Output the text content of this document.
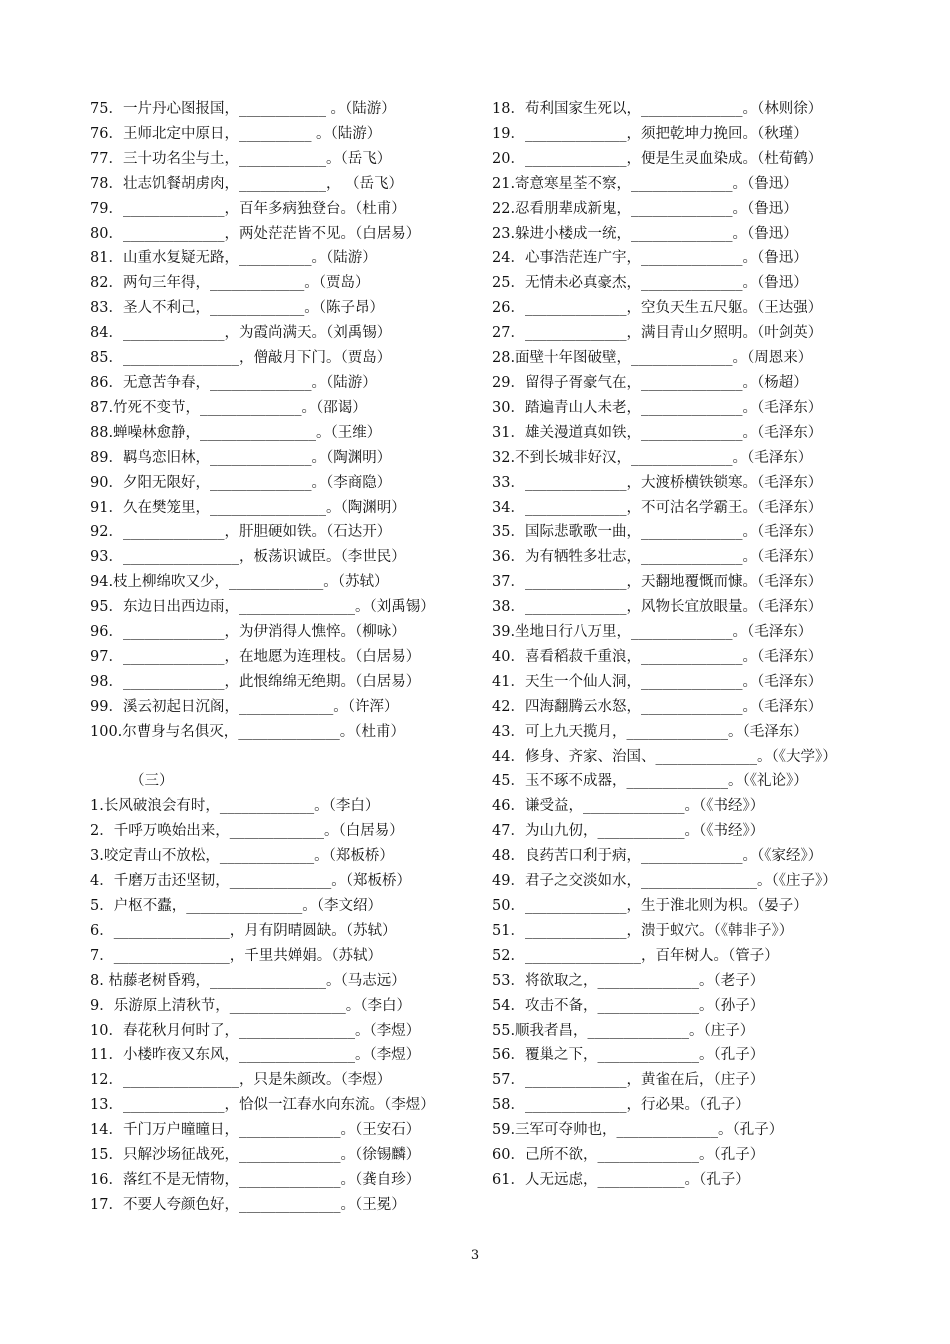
75．一片丹心图报国，____________ 。（陆游）
76．王师北定中原日，__________ 。（陆游）
77．三十功名尘与土，____________。（岳飞）
78．壮志饥餐胡虏肉，____________， （岳飞）
79．______________，百年多病独登台。（杜甫）
80．______________，两处茫茫皆不见。（白居易）
81．山重水复疑无路，__________。（陆游）
82．两句三年得，_____________。（贾岛）
83．圣人不利己，_____________。（陈子昂）
84．______________，为霞尚满天。（刘禹锡）
85．________________，僧敲月下门。（贾岛）
86．无意苦争春，______________。（陆游）
87.竹死不变节，______________。（邵谒）
88.蝉噪林愈静，________________。（王维）
89．羁鸟恋旧林，______________。（陶渊明）
90．夕阳无限好，______________。（李商隐）
91．久在樊笼里，________________。（陶渊明）
92．______________，肝胆硬如铁。（石达开）
93．________________，板荡识诚臣。（李世民）
94.枝上柳绵吹又少，_____________。（苏轼）
95．东边日出西边雨，________________。（刘禹锡）
96．______________，为伊消得人憔悴。（柳咏）
97．______________，在地愿为连理枝。（白居易）
98．______________，此恨绵绵无绝期。（白居易）
99．溪云初起日沉阁，_____________。（许浑）
100.尔曹身与名俱灭，______________。（杜甫）
（三）
1.长风破浪会有时，_____________。（李白）
2．千呼万唤始出来，_____________。（白居易）
3.咬定青山不放松，_____________。（郑板桥）
4．千磨万击还坚韧，______________。（郑板桥）
5．户枢不蠹，________________。（李文绍）
6．________________，月有阴晴圆缺。（苏轼）
7．________________，千里共婵娟。（苏轼）
8. 枯藤老树昏鸦，________________。（马志远）
9．乐游原上清秋节，________________。（李白）
10．春花秋月何时了，________________。（李煜）
11．小楼昨夜又东风，________________。（李煜）
12．________________，只是朱颜改。（李煜）
13．______________，恰似一江春水向东流。（李煜）
14．千门万户曈曈日，______________。（王安石）
15．只解沙场征战死，______________。（徐锡麟）
16．落红不是无情物，______________。（龚自珍）
17．不要人夸颜色好，______________。（王冕）
18．苟利国家生死以，______________。（林则徐）
19．______________，须把乾坤力挽回。（秋瑾）
20．______________，便是生灵血染成。（杜荀鹤）
21.寄意寒星荃不察，______________。（鲁迅）
22.忍看朋辈成新鬼，______________。（鲁迅）
23.躲进小楼成一统，______________。（鲁迅）
24．心事浩茫连广宇，______________。（鲁迅）
25．无情未必真豪杰，______________。（鲁迅）
26．______________，空负天生五尺躯。（王达强）
27．______________，满目青山夕照明。（叶剑英）
28.面壁十年图破壁，______________。（周恩来）
29．留得子胥豪气在，______________。（杨超）
30．踏遍青山人未老，______________。（毛泽东）
31．雄关漫道真如铁，______________。（毛泽东）
32.不到长城非好汉，______________。（毛泽东）
33．______________，大渡桥横铁锁寒。（毛泽东）
34．______________，不可沽名学霸王。（毛泽东）
35．国际悲歌歌一曲，______________。（毛泽东）
36．为有牺牲多壮志，______________。（毛泽东）
37．______________，天翻地覆慨而慷。（毛泽东）
38．______________，风物长宜放眼量。（毛泽东）
39.坐地日行八万里，______________。（毛泽东）
40．喜看稻菽千重浪，______________。（毛泽东）
41．天生一个仙人洞，______________。（毛泽东）
42．四海翻腾云水怒，______________。（毛泽东）
43．可上九天揽月，______________。（毛泽东）
44．修身、齐家、治国、______________。（《大学》）
45．玉不琢不成器，______________。（《礼论》）
46．谦受益，______________。（《书经》）
47．为山九仞，____________。（《书经》）
48．良药苦口利于病，______________。（《家经》）
49．君子之交淡如水，________________。（《庄子》）
50．______________，生于淮北则为枳。（晏子）
51．______________，溃于蚁穴。（《韩非子》）
52．________________，百年树人。（管子）
53．将欲取之，______________。（老子）
54．攻击不备，______________。（孙子）
55.顺我者昌，______________。（庄子）
56．覆巢之下，______________。（孔子）
57．______________，黄雀在后，（庄子）
58．______________，行必果。（孔子）
59.三军可夺帅也，______________。（孔子）
60．己所不欲，______________。（孔子）
61．人无远虑，____________。（孔子）
3
